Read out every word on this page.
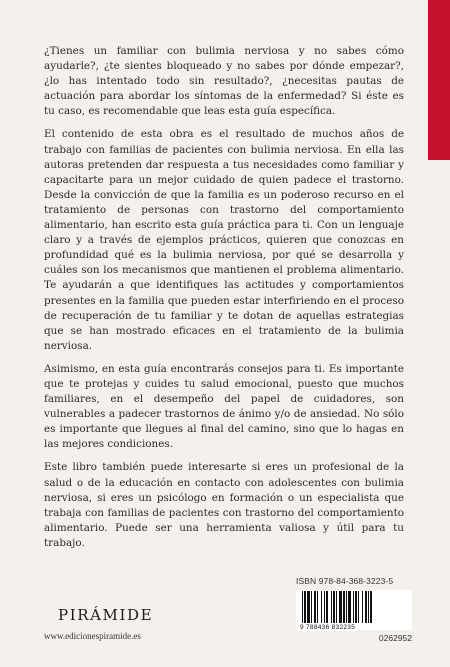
¿Tienes un familiar con bulimia nerviosa y no sabes cómo ayudarle?, ¿te sientes bloqueado y no sabes por dónde empezar?, ¿lo has intentado todo sin resultado?, ¿necesitas pautas de actuación para abordar los síntomas de la enfermedad? Si éste es tu caso, es recomendable que leas esta guía específica.

El contenido de esta obra es el resultado de muchos años de trabajo con familias de pacientes con bulimia nerviosa. En ella las autoras pretenden dar respuesta a tus necesidades como familiar y capacitarte para un mejor cuidado de quien padece el trastorno. Desde la convicción de que la familia es un poderoso recurso en el tratamiento de personas con trastorno del comportamiento alimentario, han escrito esta guía práctica para ti. Con un lenguaje claro y a través de ejemplos prácticos, quieren que conozcas en profundidad qué es la bulimia nerviosa, por qué se desarrolla y cuáles son los mecanismos que mantienen el problema alimentario. Te ayudarán a que identifiques las actitudes y comportamientos presentes en la familia que pueden estar interfiriendo en el proceso de recuperación de tu familiar y te dotan de aquellas estrategias que se han mostrado eficaces en el tratamiento de la bulimia nerviosa.

Asimismo, en esta guía encontrarás consejos para ti. Es importante que te protejas y cuides tu salud emocional, puesto que muchos familiares, en el desempeño del papel de cuidadores, son vulnerables a padecer trastornos de ánimo y/o de ansiedad. No sólo es importante que llegues al final del camino, sino que lo hagas en las mejores condiciones.

Este libro también puede interesarte si eres un profesional de la salud o de la educación en contacto con adolescentes con bulimia nerviosa, si eres un psicólogo en formación o un especialista que trabaja con familias de pacientes con trastorno del comportamiento alimentario. Puede ser una herramienta valiosa y útil para tu trabajo.

ISBN 978-84-368-3223-5
9 788436 832235
0262952
PIRÁMIDE
www.edicionespiramide.es
